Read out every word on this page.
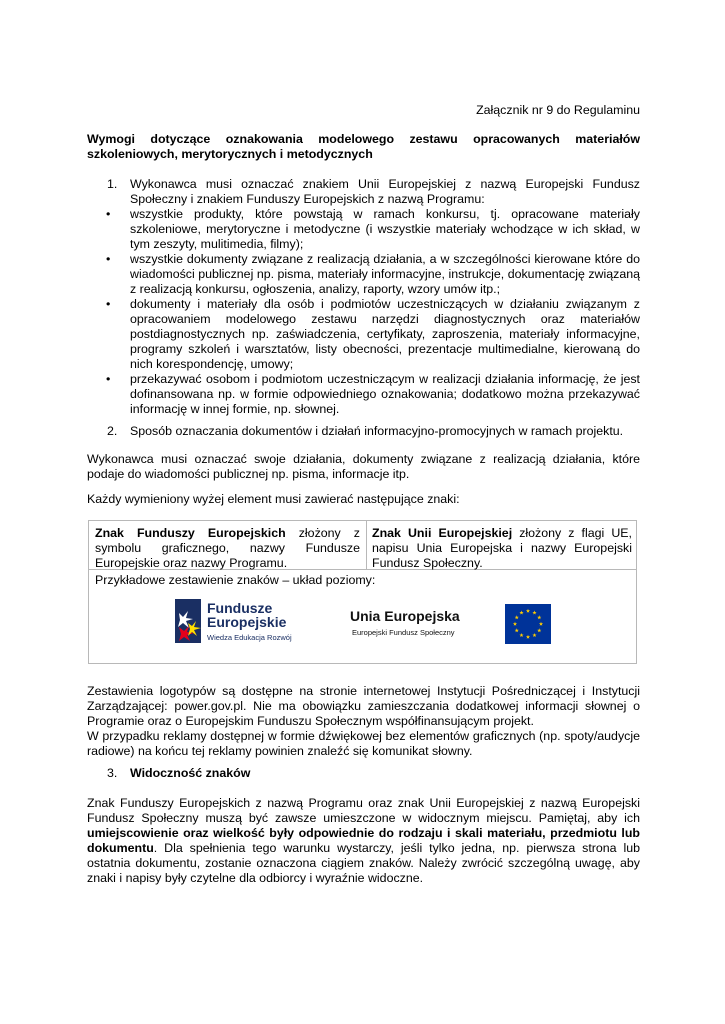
Załącznik nr 9 do Regulaminu
Wymogi dotyczące oznakowania modelowego zestawu opracowanych materiałów
szkoleniowych, merytorycznych i metodycznych
1. Wykonawca musi oznaczać znakiem Unii Europejskiej z nazwą Europejski Fundusz Społeczny i znakiem Funduszy Europejskich z nazwą Programu:
• wszystkie produkty, które powstają w ramach konkursu, tj. opracowane materiały szkoleniowe, merytoryczne i metodyczne (i wszystkie materiały wchodzące w ich skład, w tym zeszyty, mulitimedia, filmy);
• wszystkie dokumenty związane z realizacją działania, a w szczególności kierowane które do wiadomości publicznej np. pisma, materiały informacyjne, instrukcje, dokumentację związaną z realizacją konkursu, ogłoszenia, analizy, raporty, wzory umów itp.;
• dokumenty i materiały dla osób i podmiotów uczestniczących w działaniu związanym z opracowaniem modelowego zestawu narzędzi diagnostycznych oraz materiałów postdiagnostycznych np. zaświadczenia, certyfikaty, zaproszenia, materiały informacyjne, programy szkoleń i warsztatów, listy obecności, prezentacje multimedialne, kierowaną do nich korespondencję, umowy;
• przekazywać osobom i podmiotom uczestniczącym w realizacji działania informację, że jest dofinansowana np. w formie odpowiedniego oznakowania; dodatkowo można przekazywać informację w innej formie, np. słownej.
2. Sposób oznaczania dokumentów i działań informacyjno-promocyjnych w ramach projektu.
Wykonawca musi oznaczać swoje działania, dokumenty związane z realizacją działania, które podaje do wiadomości publicznej np. pisma, informacje itp.
Każdy wymieniony wyżej element musi zawierać następujące znaki:
Znak Funduszy Europejskich złożony z symbolu graficznego, nazwy Fundusze Europejskie oraz nazwy Programu.
Znak Unii Europejskiej złożony z flagi UE, napisu Unia Europejska i nazwy Europejski Fundusz Społeczny.
Przykładowe zestawienie znaków – układ poziomy:
Fundusze
Europejskie
Wiedza Edukacja Rozwój
Unia Europejska
Europejski Fundusz Społeczny
Zestawienia logotypów są dostępne na stronie internetowej Instytucji Pośredniczącej i Instytucji Zarządzającej: power.gov.pl. Nie ma obowiązku zamieszczania dodatkowej informacji słownej o Programie oraz o Europejskim Funduszu Społecznym współfinansującym projekt.
W przypadku reklamy dostępnej w formie dźwiękowej bez elementów graficznych (np. spoty/audycje radiowe) na końcu tej reklamy powinien znaleźć się komunikat słowny.
3. Widoczność znaków
Znak Funduszy Europejskich z nazwą Programu oraz znak Unii Europejskiej z nazwą Europejski Fundusz Społeczny muszą być zawsze umieszczone w widocznym miejscu. Pamiętaj, aby ich umiejscowienie oraz wielkość były odpowiednie do rodzaju i skali materiału, przedmiotu lub dokumentu. Dla spełnienia tego warunku wystarczy, jeśli tylko jedna, np. pierwsza strona lub ostatnia dokumentu, zostanie oznaczona ciągiem znaków. Należy zwrócić szczególną uwagę, aby znaki i napisy były czytelne dla odbiorcy i wyraźnie widoczne.
